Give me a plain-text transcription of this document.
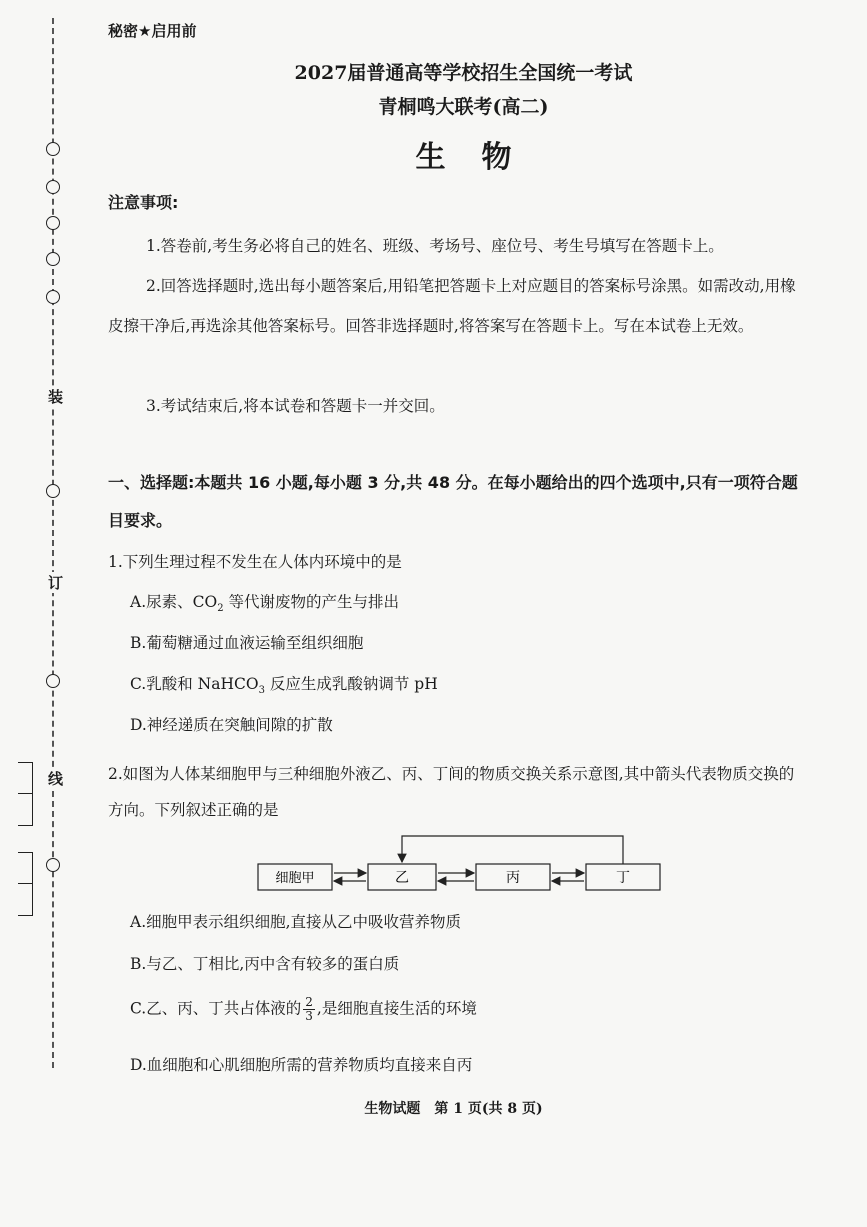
装
订
线
秘密★启用前
2027届普通高等学校招生全国统一考试
青桐鸣大联考(高二)
生物
注意事项:
1.答卷前,考生务必将自己的姓名、班级、考场号、座位号、考生号填写在答题卡上。
2.回答选择题时,选出每小题答案后,用铅笔把答题卡上对应题目的答案标号涂黑。如需改动,用橡皮擦干净后,再选涂其他答案标号。回答非选择题时,将答案写在答题卡上。写在本试卷上无效。
3.考试结束后,将本试卷和答题卡一并交回。
一、选择题:本题共 16 小题,每小题 3 分,共 48 分。在每小题给出的四个选项中,只有一项符合题目要求。
1.下列生理过程不发生在人体内环境中的是
A.尿素、$CO_2$ 等代谢废物的产生与排出
B.葡萄糖通过血液运输至组织细胞
C.乳酸和 NaHCO$_3$ 反应生成乳酸钠调节 pH
D.神经递质在突触间隙的扩散
2.如图为人体某细胞甲与三种细胞外液乙、丙、丁间的物质交换关系示意图,其中箭头代表物质交换的方向。下列叙述正确的是
细胞甲	乙	丙	丁
A.细胞甲表示组织细胞,直接从乙中吸收营养物质
B.与乙、丁相比,丙中含有较多的蛋白质
C.乙、丙、丁共占体液的 $\frac{2}{3}$ ,是细胞直接生活的环境
D.血细胞和心肌细胞所需的营养物质均直接来自丙
生物试题　第 1 页(共 8 页)
